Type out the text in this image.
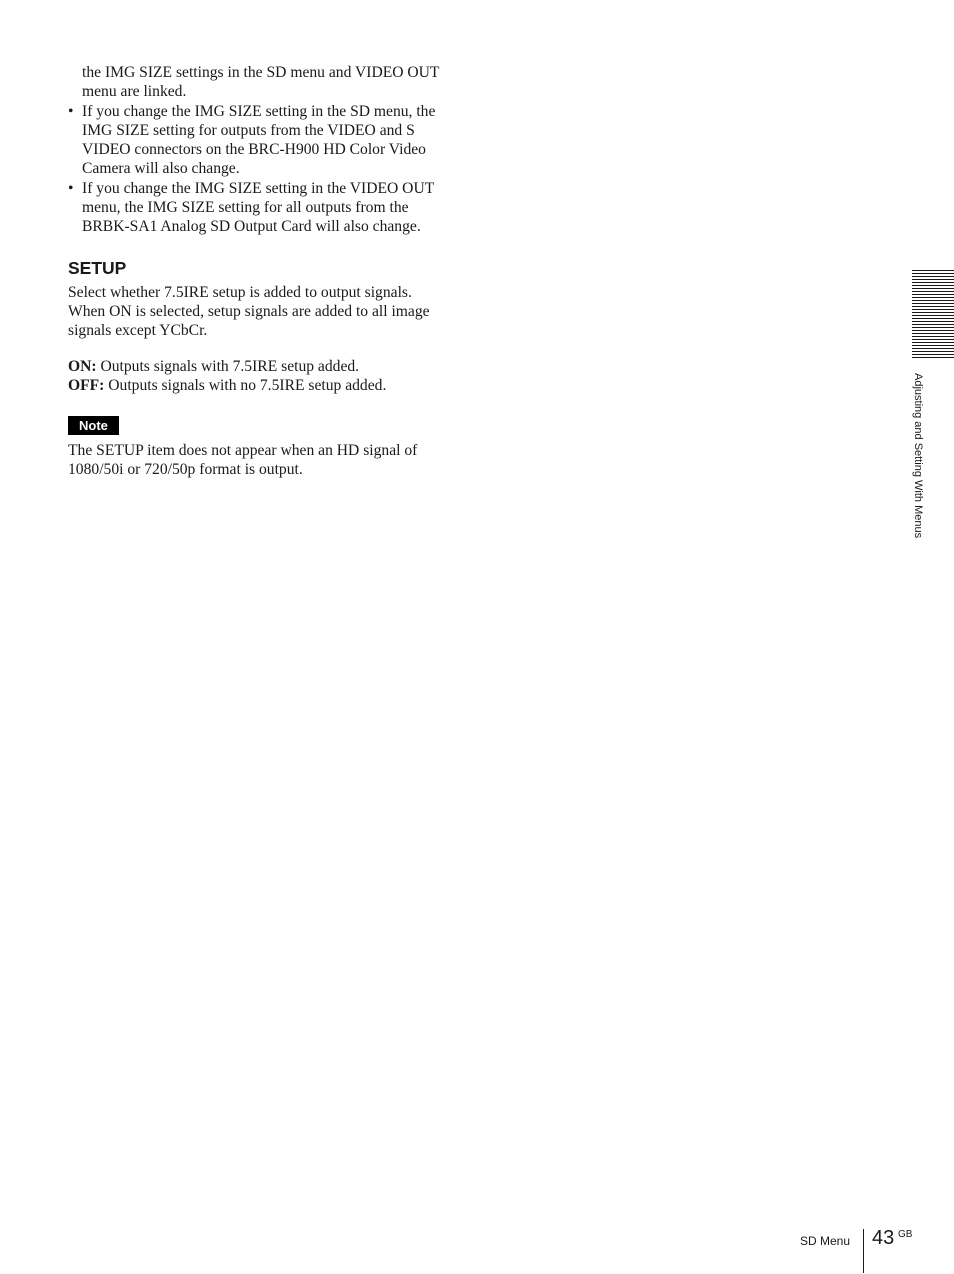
the IMG SIZE settings in the SD menu and VIDEO OUT menu are linked.

• If you change the IMG SIZE setting in the SD menu, the IMG SIZE setting for outputs from the VIDEO and S VIDEO connectors on the BRC-H900 HD Color Video Camera will also change.
• If you change the IMG SIZE setting in the VIDEO OUT menu, the IMG SIZE setting for all outputs from the BRBK-SA1 Analog SD Output Card will also change.
SETUP

Select whether 7.5IRE setup is added to output signals. When ON is selected, setup signals are added to all image signals except YCbCr.

ON: Outputs signals with 7.5IRE setup added.

OFF: Outputs signals with no 7.5IRE setup added.

Note

The SETUP item does not appear when an HD signal of 1080/50i or 720/50p format is output.	Adjusting and Setting With Menus
SD Menu 43 GB
